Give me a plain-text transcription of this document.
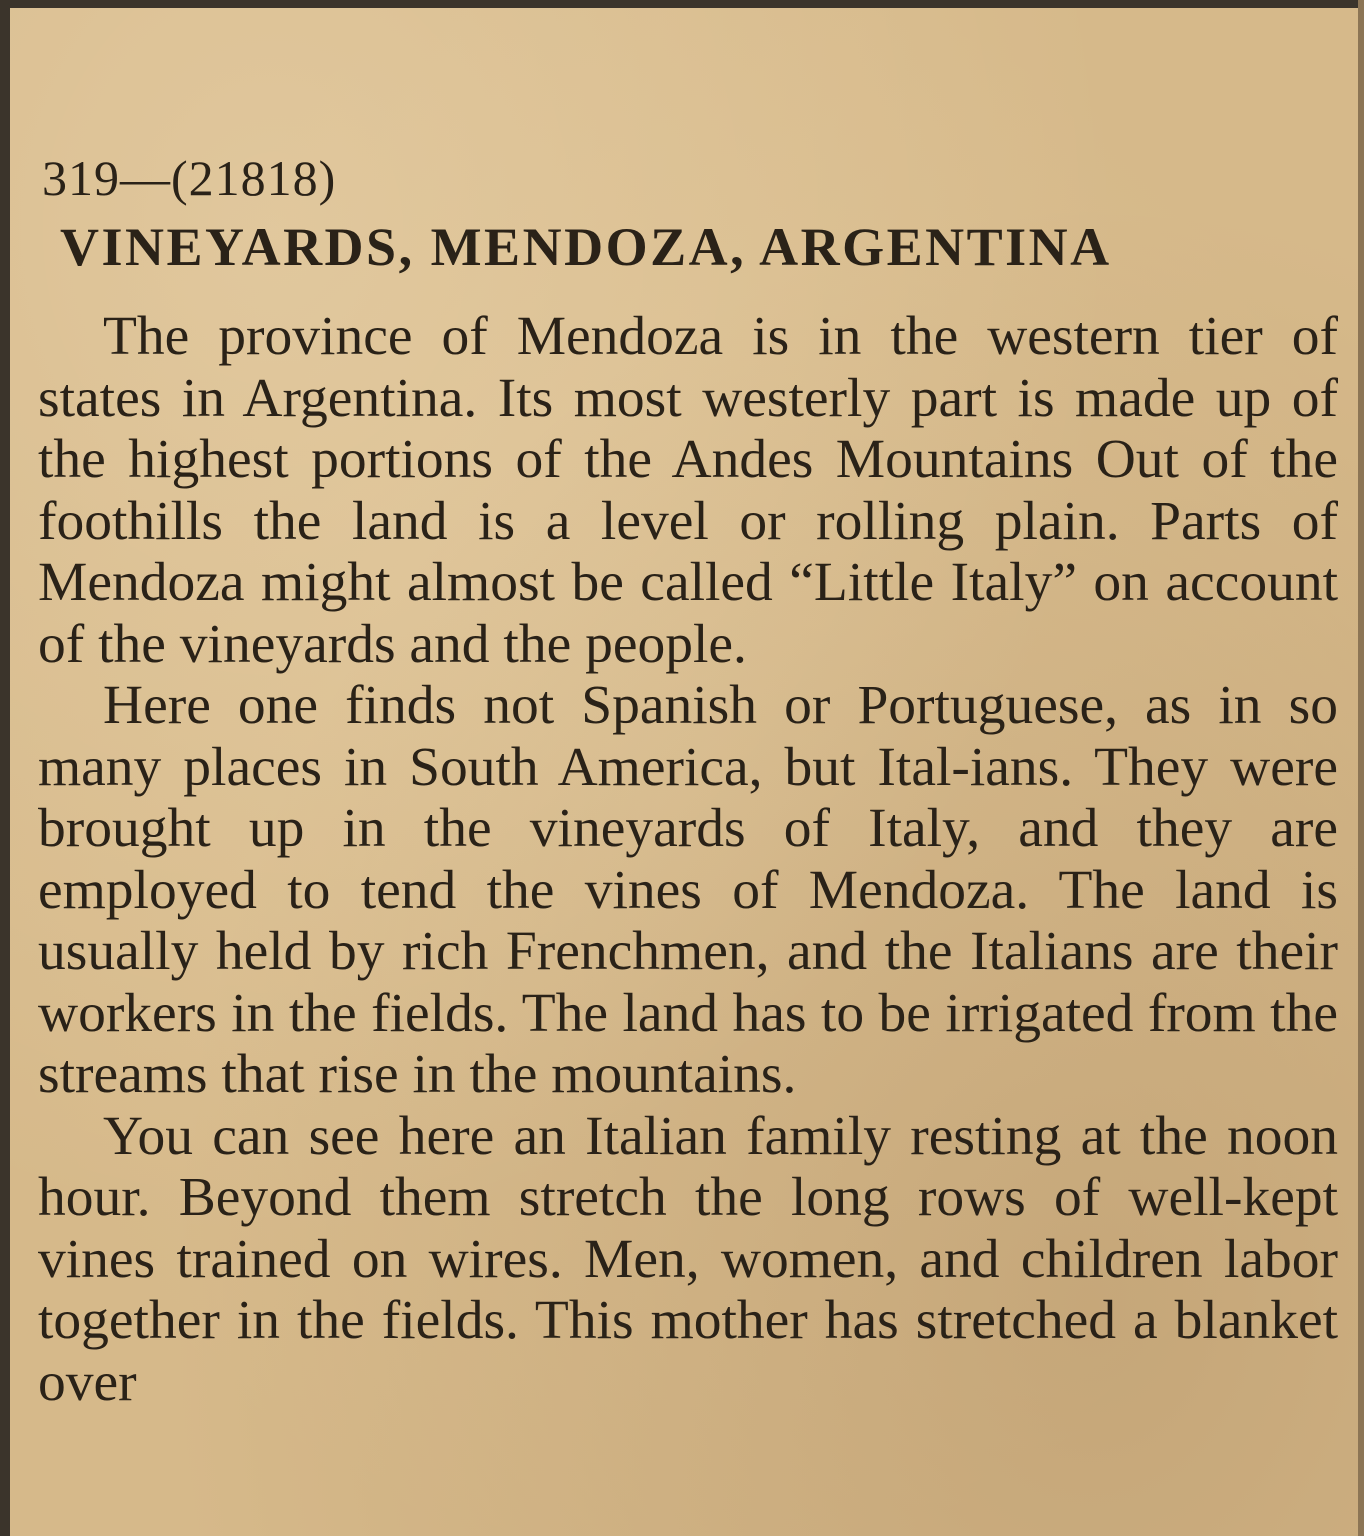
319—(21818)
VINEYARDS, MENDOZA, ARGENTINA

The province of Mendoza is in the western tier of states in Argentina. Its most westerly part is made up of the highest portions of the Andes Mountains Out of the foothills the land is a level or rolling plain. Parts of Mendoza might almost be called “Little Italy” on account of the vineyards and the people.

Here one finds not Spanish or Portuguese, as in so many places in South America, but Ital-ians. They were brought up in the vineyards of Italy, and they are employed to tend the vines of Mendoza. The land is usually held by rich Frenchmen, and the Italians are their workers in the fields. The land has to be irrigated from the streams that rise in the mountains.

You can see here an Italian family resting at the noon hour. Beyond them stretch the long rows of well-kept vines trained on wires. Men, women, and children labor together in the fields. This mother has stretched a blanket over
